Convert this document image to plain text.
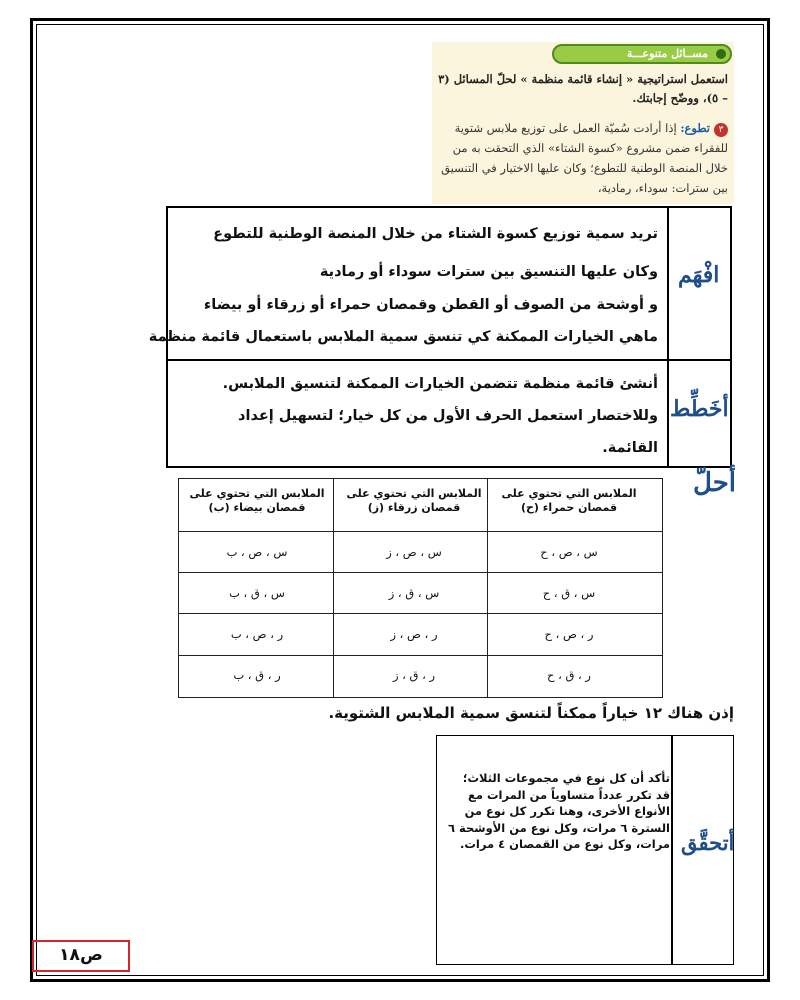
مســائل متنوعـــة
استعمل استراتيجية « إنشاء قائمة منظمة » لحلّ المسائل (٣ – ٥)، ووضّح إجابتك.
٣تطوع: إذا أرادت سُميّة العمل على توزيع ملابس شتوية للفقراء ضمن مشروع «كسوة الشتاء» الذي التحقت به من خلال المنصة الوطنية للتطوع؛ وكان عليها الاختيار في التنسيق بين سترات: سوداء، رمادية،
افْهَم
تريد سمية توزيع كسوة الشتاء من خلال المنصة الوطنية للتطوع
وكان عليها التنسيق بين سترات سوداء أو رمادية
و أوشحة من الصوف أو القطن وقمصان حمراء أو زرقاء أو بيضاء
ماهي الخيارات الممكنة كي تنسق سمية الملابس باستعمال قائمة منظمة
أخَطِّط
أنشئ قائمة منظمة تتضمن الخيارات الممكنة لتنسيق الملابس.
وللاختصار استعمل الحرف الأول من كل خيار؛ لتسهيل إعداد
القائمة.
أحلّ
الملابس التي تحتوي على قمصان حمراء (ح)
الملابس التي تحتوي على قمصان زرقاء (ز)
الملابس التي تحتوي على قمصان بيضاء (ب)
س ، ص ، ح
س ، ص ، ز
س ، ص ، ب
س ، ق ، ح
س ، ق ، ز
س ، ق ، ب
ر ، ص ، ح
ر ، ص ، ز
ر ، ص ، ب
ر ، ق ، ح
ر ، ق ، ز
ر ، ق ، ب
إذن هناك ١٢ خياراً ممكناً لتنسق سمية الملابس الشتوية.
أتحقَّق
تأكد أن كل نوع في مجموعات الثلاث؛ قد تكرر عدداً متساوياً من المرات مع الأنواع الأخرى، وهنا تكرر كل نوع من السترة ٦ مرات، وكل نوع من الأوشحة ٦ مرات، وكل نوع من القمصان ٤ مرات.
ص١٨
